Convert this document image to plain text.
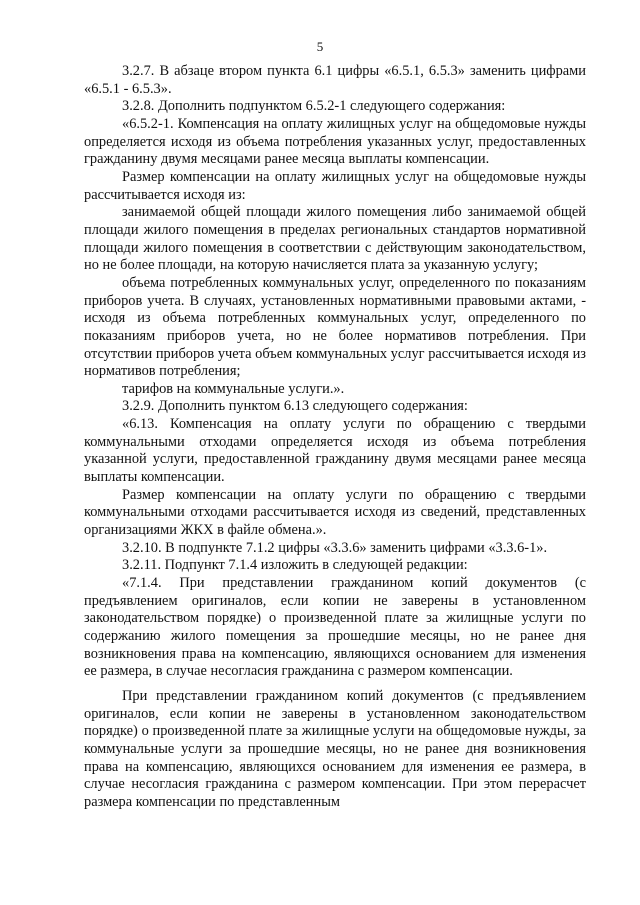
5

3.2.7. В абзаце втором пункта 6.1 цифры «6.5.1, 6.5.3» заменить цифрами «6.5.1 - 6.5.3».

3.2.8. Дополнить подпунктом 6.5.2-1 следующего содержания:

«6.5.2-1. Компенсация на оплату жилищных услуг на общедомовые нужды определяется исходя из объема потребления указанных услуг, предоставленных гражданину двумя месяцами ранее месяца выплаты компенсации.

Размер компенсации на оплату жилищных услуг на общедомовые нужды рассчитывается исходя из:

занимаемой общей площади жилого помещения либо занимаемой общей площади жилого помещения в пределах региональных стандартов нормативной площади жилого помещения в соответствии с действующим законодательством, но не более площади, на которую начисляется плата за указанную услугу;

объема потребленных коммунальных услуг, определенного по показаниям приборов учета. В случаях, установленных нормативными правовыми актами, - исходя из объема потребленных коммунальных услуг, определенного по показаниям приборов учета, но не более нормативов потребления. При отсутствии приборов учета объем коммунальных услуг рассчитывается исходя из нормативов потребления;

тарифов на коммунальные услуги.».

3.2.9. Дополнить пунктом 6.13 следующего содержания:

«6.13. Компенсация на оплату услуги по обращению с твердыми коммунальными отходами определяется исходя из объема потребления указанной услуги, предоставленной гражданину двумя месяцами ранее месяца выплаты компенсации.

Размер компенсации на оплату услуги по обращению с твердыми коммунальными отходами рассчитывается исходя из сведений, представленных организациями ЖКХ в файле обмена.».

3.2.10. В подпункте 7.1.2 цифры «3.3.6» заменить цифрами «3.3.6-1».

3.2.11. Подпункт 7.1.4 изложить в следующей редакции:

«7.1.4. При представлении гражданином копий документов (с предъявлением оригиналов, если копии не заверены в установленном законодательством порядке) о произведенной плате за жилищные услуги по содержанию жилого помещения за прошедшие месяцы, но не ранее дня возникновения права на компенсацию, являющихся основанием для изменения ее размера, в случае несогласия гражданина с размером компенсации.

При представлении гражданином копий документов (с предъявлением оригиналов, если копии не заверены в установленном законодательством порядке) о произведенной плате за жилищные услуги на общедомовые нужды, за коммунальные услуги за прошедшие месяцы, но не ранее дня возникновения права на компенсацию, являющихся основанием для изменения ее размера, в случае несогласия гражданина с размером компенсации. При этом перерасчет размера компенсации по представленным
